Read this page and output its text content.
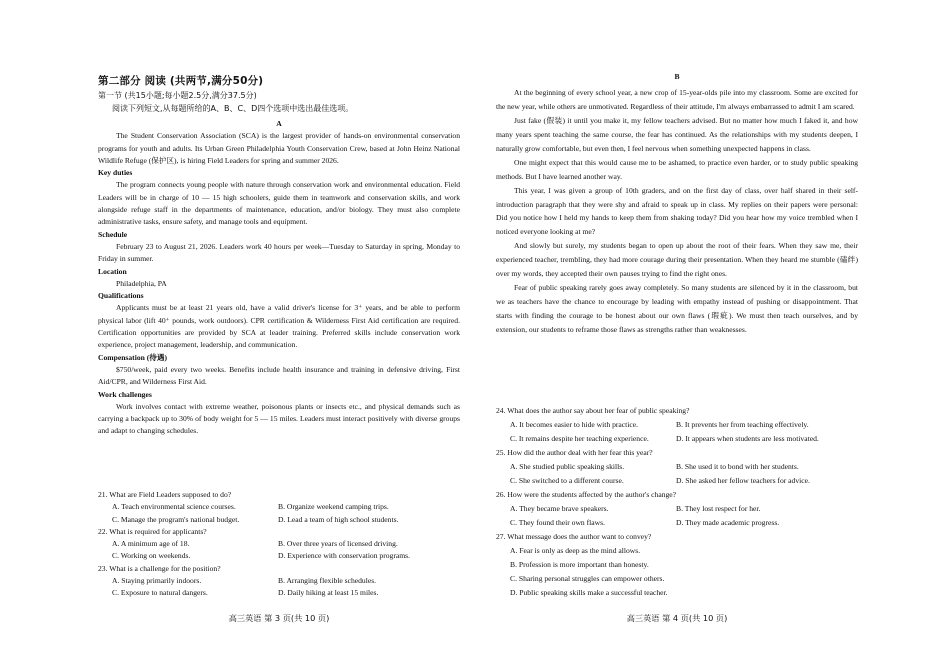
第二部分 阅读 (共两节,满分50分)
第一节 (共15小题;每小题2.5分,满分37.5分)
阅读下列短文,从每题所给的A、B、C、D四个选项中选出最佳选项。
A

The Student Conservation Association (SCA) is the largest provider of hands-on environmental conservation programs for youth and adults. Its Urban Green Philadelphia Youth Conservation Crew, based at John Heinz National Wildlife Refuge (保护区), is hiring Field Leaders for spring and summer 2026.

Key duties

The program connects young people with nature through conservation work and environmental education. Field Leaders will be in charge of 10 — 15 high schoolers, guide them in teamwork and conservation skills, and work alongside refuge staff in the departments of maintenance, education, and/or biology. They must also complete administrative tasks, ensure safety, and manage tools and equipment.

Schedule

February 23 to August 21, 2026. Leaders work 40 hours per week—Tuesday to Saturday in spring, Monday to Friday in summer.

Location

Philadelphia, PA

Qualifications

Applicants must be at least 21 years old, have a valid driver's license for 3⁺ years, and be able to perform physical labor (lift 40⁺ pounds, work outdoors). CPR certification & Wilderness First Aid certification are required. Certification opportunities are provided by SCA at leader training. Preferred skills include conservation work experience, project management, leadership, and communication.

Compensation (待遇)

$750/week, paid every two weeks. Benefits include health insurance and training in defensive driving, First Aid/CPR, and Wilderness First Aid.

Work challenges

Work involves contact with extreme weather, poisonous plants or insects etc., and physical demands such as carrying a backpack up to 30% of body weight for 5 — 15 miles. Leaders must interact positively with diverse groups and adapt to changing schedules.

21. What are Field Leaders supposed to do?
A. Teach environmental science courses.	B. Organize weekend camping trips.
C. Manage the program's national budget.	D. Lead a team of high school students.
22. What is required for applicants?
A. A minimum age of 18.	B. Over three years of licensed driving.
C. Working on weekends.	D. Experience with conservation programs.
23. What is a challenge for the position?
A. Staying primarily indoors.	B. Arranging flexible schedules.
C. Exposure to natural dangers.	D. Daily hiking at least 15 miles.
高三英语 第 3 页(共 10 页)
B

At the beginning of every school year, a new crop of 15-year-olds pile into my classroom. Some are excited for the new year, while others are unmotivated. Regardless of their attitude, I'm always embarrassed to admit I am scared.

Just fake (假装) it until you make it, my fellow teachers advised. But no matter how much I faked it, and how many years spent teaching the same course, the fear has continued. As the relationships with my students deepen, I naturally grow comfortable, but even then, I feel nervous when something unexpected happens in class.

One might expect that this would cause me to be ashamed, to practice even harder, or to study public speaking methods. But I have learned another way.

This year, I was given a group of 10th graders, and on the first day of class, over half shared in their self-introduction paragraph that they were shy and afraid to speak up in class. My replies on their papers were personal: Did you notice how I held my hands to keep them from shaking today? Did you hear how my voice trembled when I noticed everyone looking at me?

And slowly but surely, my students began to open up about the root of their fears. When they saw me, their experienced teacher, trembling, they had more courage during their presentation. When they heard me stumble (磕绊) over my words, they accepted their own pauses trying to find the right ones.

Fear of public speaking rarely goes away completely. So many students are silenced by it in the classroom, but we as teachers have the chance to encourage by leading with empathy instead of pushing or disappointment. That starts with finding the courage to be honest about our own flaws (瑕疵). We must then teach ourselves, and by extension, our students to reframe those flaws as strengths rather than weaknesses.

24. What does the author say about her fear of public speaking?
A. It becomes easier to hide with practice.	B. It prevents her from teaching effectively.
C. It remains despite her teaching experience.	D. It appears when students are less motivated.
25. How did the author deal with her fear this year?
A. She studied public speaking skills.	B. She used it to bond with her students.
C. She switched to a different course.	D. She asked her fellow teachers for advice.
26. How were the students affected by the author's change?
A. They became brave speakers.	B. They lost respect for her.
C. They found their own flaws.	D. They made academic progress.
27. What message does the author want to convey?
A. Fear is only as deep as the mind allows.
B. Profession is more important than honesty.
C. Sharing personal struggles can empower others.
D. Public speaking skills make a successful teacher.
高三英语 第 4 页(共 10 页)
